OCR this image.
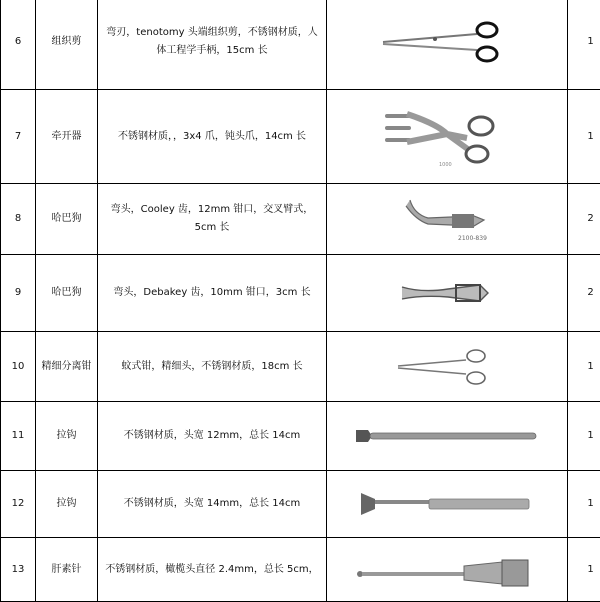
6	组织剪	弯刃，tenotomy 头端组织剪，不锈钢材质，人体工程学手柄，15cm 长		1
7	牵开器	不锈钢材质，，3x4 爪，钝头爪，14cm 长	1000	1
8	哈巴狗	弯头，Cooley 齿，12mm 钳口，交叉臂式，5cm 长	2100-839	2
9	哈巴狗	弯头，Debakey 齿，10mm 钳口，3cm 长		2
10	精细分离钳	蚊式钳，精细头，不锈钢材质，18cm 长		1
11	拉钩	不锈钢材质，头宽 12mm，总长 14cm		1
12	拉钩	不锈钢材质，头宽 14mm，总长 14cm		1
13	肝素针	不锈钢材质，橄榄头直径 2.4mm，总长 5cm，		1
